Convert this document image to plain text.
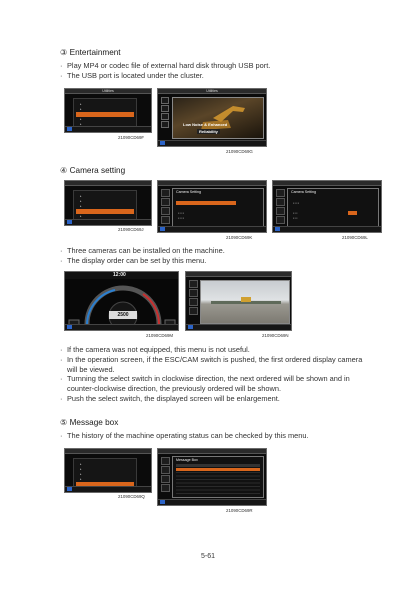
③ Entertainment
· Play MP4 or codec file of external hard disk through USB port.
· The USB port is located under the cluster.
Utilities
▸
▸
▸
▸
21090CD69F
Utilities
Low Noise & Enhanced
Reliability
21090CD69G
④ Camera setting
▸
▸
▸
▸
21090CD69J
Camera Setting
▪ ▪ ▪ ▪
▪ ▪ ▪ ▪
21090CD69K
Camera Setting
▪ ▪ ▪ ▪
▪ ▪ ▪
▪ ▪ ▪
21090CD69L
· Three cameras can be installed on the machine.
· The display order can be set by this menu.
12:00
2500
21090CD69M	21090CD69N
· If the camera was not equipped, this menu is not useful.
· In the operation screen, if the ESC/CAM switch is pushed, the first ordered display camera
will be viewed.
· Turnning the select switch in clockwise direction, the next ordered will be shown and in
counter-clockwise direction, the previously ordered will be shown.
· Push the select switch, the displayed screen will be enlargement.
⑤ Message box
· The history of the machine operating status can be checked by this menu.
▸
▸
▸
▸
21090CD69Q
Message Box
21090CD69R
5-61
